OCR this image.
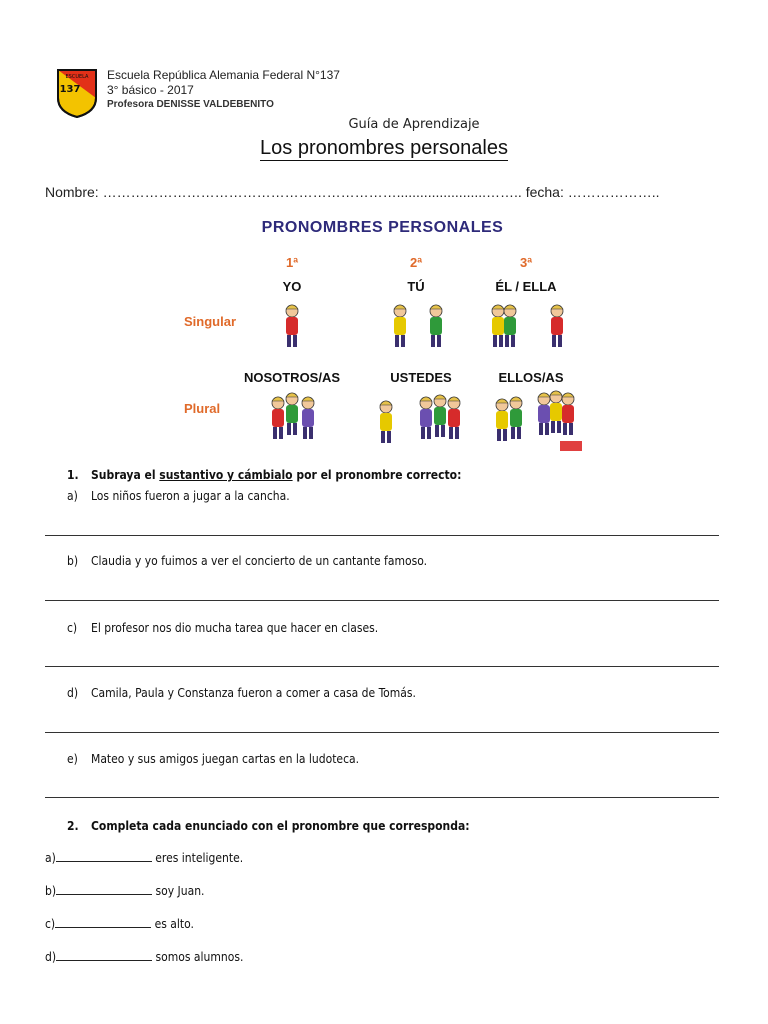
ESCUELA
137
Escuela República Alemania Federal N°137
3° básico - 2017
Profesora DENISSE VALDEBENITO
Guía de Aprendizaje
Los pronombres personales
Nombre: ……………………………………………………….......................…….. fecha: ………………..
PRONOMBRES PERSONALES
1ª	2ª	3ª
YO	TÚ	ÉL / ELLA
Singular
NOSOTROS/AS	USTEDES	ELLOS/AS
Plural
1. Subraya el sustantivo y cámbialo por el pronombre correcto:
a) Los niños fueron a jugar a la cancha.
b) Claudia y yo fuimos a ver el concierto de un cantante famoso.
c) El profesor nos dio mucha tarea que hacer en clases.
d) Camila, Paula y Constanza fueron a comer a casa de Tomás.
e) Mateo y sus amigos juegan cartas en la ludoteca.
2. Completa cada enunciado con el pronombre que corresponda:
a)	eres inteligente.
b)	soy Juan.
c)	es alto.
d)	somos alumnos.
